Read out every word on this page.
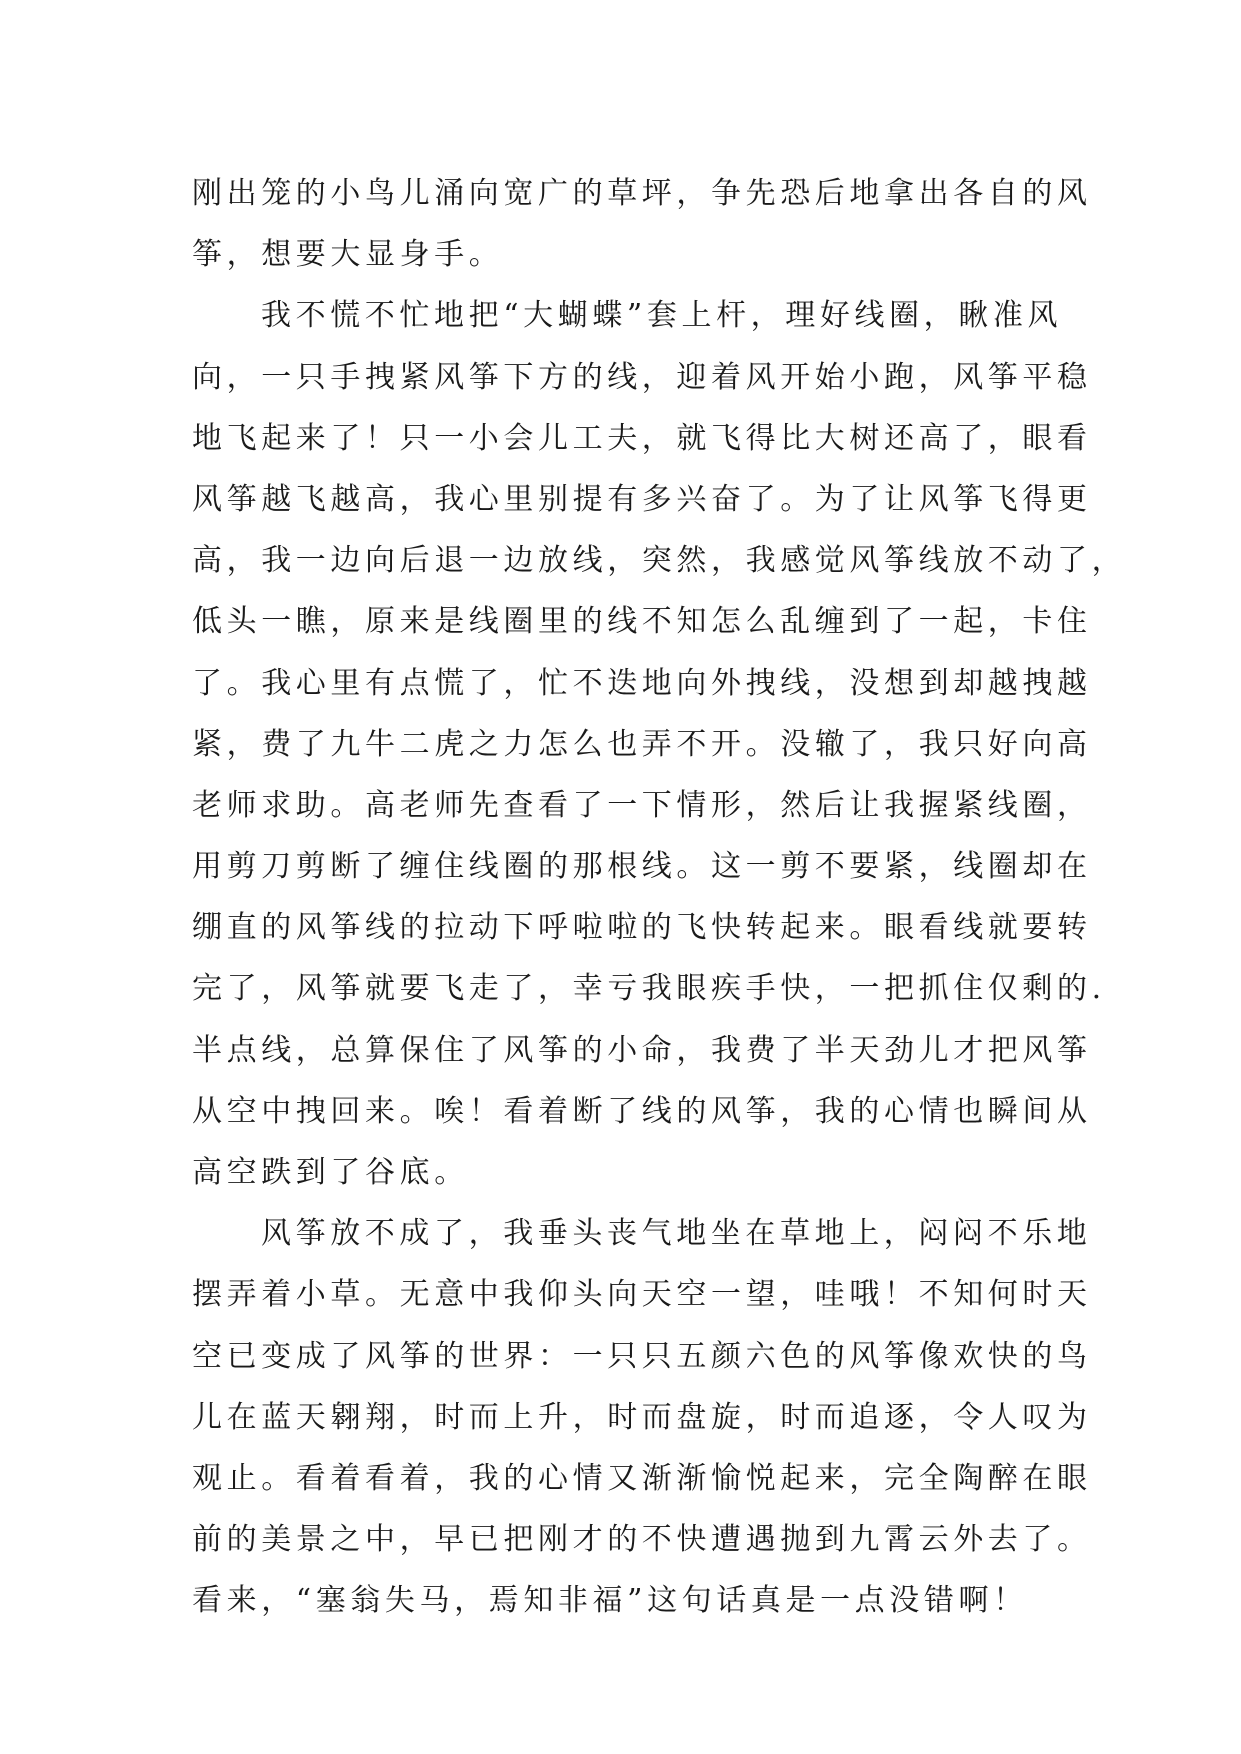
刚出笼的小鸟儿涌向宽广的草坪，争先恐后地拿出各自的风
筝，想要大显身手。
我不慌不忙地把“大蝴蝶”套上杆，理好线圈，瞅准风
向，一只手拽紧风筝下方的线，迎着风开始小跑，风筝平稳
地飞起来了！只一小会儿工夫，就飞得比大树还高了，眼看
风筝越飞越高，我心里别提有多兴奋了。为了让风筝飞得更
高，我一边向后退一边放线，突然，我感觉风筝线放不动了，
低头一瞧，原来是线圈里的线不知怎么乱缠到了一起，卡住
了。我心里有点慌了，忙不迭地向外拽线，没想到却越拽越
紧，费了九牛二虎之力怎么也弄不开。没辙了，我只好向高
老师求助。高老师先查看了一下情形，然后让我握紧线圈，
用剪刀剪断了缠住线圈的那根线。这一剪不要紧，线圈却在
绷直的风筝线的拉动下呼啦啦的飞快转起来。眼看线就要转
完了，风筝就要飞走了，幸亏我眼疾手快，一把抓住仅剩的.
半点线，总算保住了风筝的小命，我费了半天劲儿才把风筝
从空中拽回来。唉！看着断了线的风筝，我的心情也瞬间从
高空跌到了谷底。
风筝放不成了，我垂头丧气地坐在草地上，闷闷不乐地
摆弄着小草。无意中我仰头向天空一望，哇哦！不知何时天
空已变成了风筝的世界：一只只五颜六色的风筝像欢快的鸟
儿在蓝天翱翔，时而上升，时而盘旋，时而追逐，令人叹为
观止。看着看着，我的心情又渐渐愉悦起来，完全陶醉在眼
前的美景之中，早已把刚才的不快遭遇抛到九霄云外去了。
看来，“塞翁失马，焉知非福”这句话真是一点没错啊！
